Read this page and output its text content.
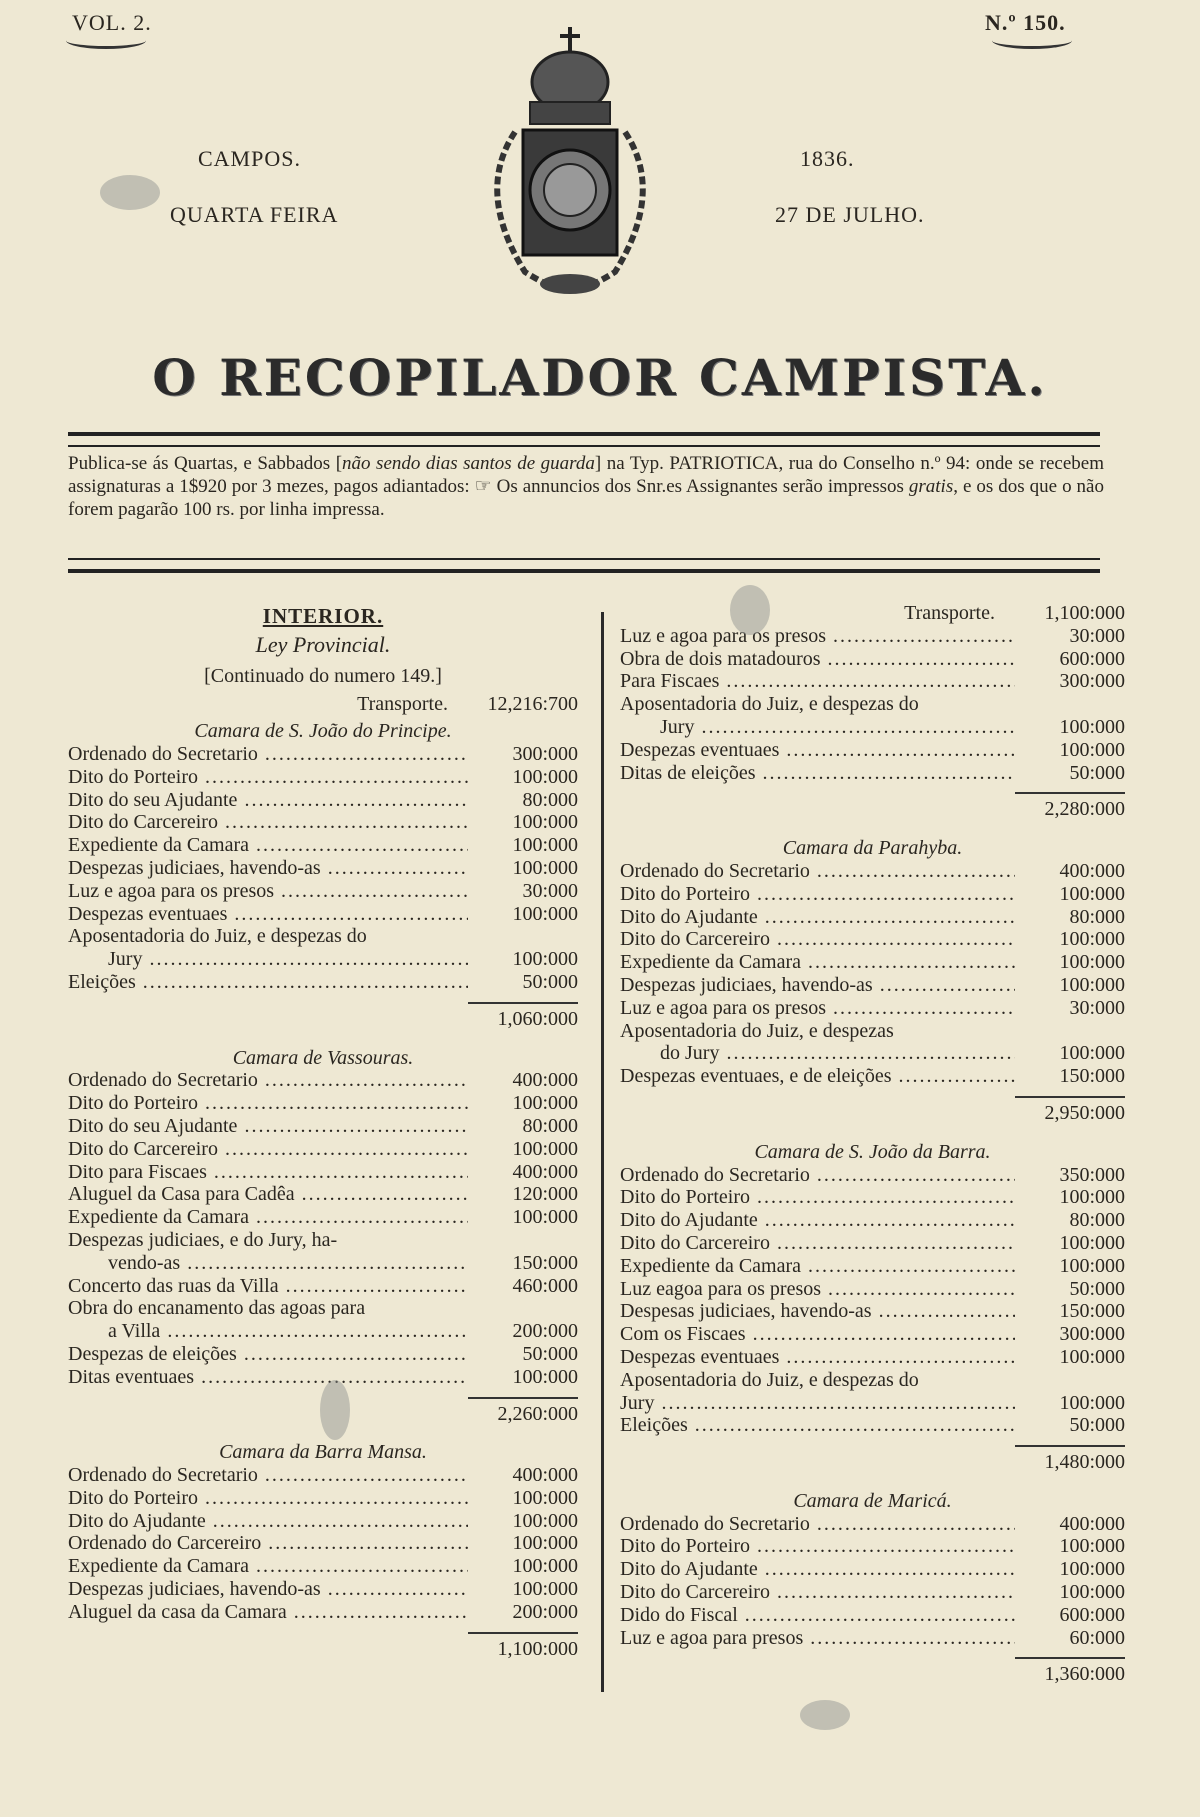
VOL. 2.	N.º 150.
CAMPOS.	1836.
QUARTA FEIRA	27 DE JULHO.
O RECOPILADOR CAMPISTA.
Publica-se ás Quartas, e Sabbados [não sendo dias santos de guarda] na Typ. PATRIOTICA, rua do Conselho n.º 94: onde se recebem assignaturas a 1$920 por 3 mezes, pagos adiantados: ☞ Os annuncios dos Snr.es Assignantes serão impressos gratis, e os dos que o não forem pagarão 100 rs. por linha impressa.
INTERIOR.
Ley Provincial.
[Continuado do numero 149.]
Transporte.	12,216:700
Camara de S. João do Principe.
Ordenado do Secretario .....	300:000
Dito do Porteiro .....	100:000
Dito do seu Ajudante .....	80:000
Dito do Carcereiro .....	100:000
Expediente da Camara .....	100:000
Despezas judiciaes, havendo-as .....	100:000
Luz e agoa para os presos .....	30:000
Despezas eventuaes .....	100:000
Aposentadoria do Juiz, e despezas do
Jury .....	100:000
Eleições .....	50:000
1,060:000
Camara de Vassouras.
Ordenado do Secretario .....	400:000
Dito do Porteiro .....	100:000
Dito do seu Ajudante .....	80:000
Dito do Carcereiro .....	100:000
Dito para Fiscaes .....	400:000
Aluguel da Casa para Cadêa .....	120:000
Expediente da Camara .....	100:000
Despezas judiciaes, e do Jury, ha-
vendo-as .....	150:000
Concerto das ruas da Villa .....	460:000
Obra do encanamento das agoas para
a Villa .....	200:000
Despezas de eleições .....	50:000
Ditas eventuaes .....	100:000
2,260:000
Camara da Barra Mansa.
Ordenado do Secretario .....	400:000
Dito do Porteiro .....	100:000
Dito do Ajudante .....	100:000
Ordenado do Carcereiro .....	100:000
Expediente da Camara .....	100:000
Despezas judiciaes, havendo-as .....	100:000
Aluguel da casa da Camara .....	200:000
1,100:000
Transporte.	1,100:000
Luz e agoa para os presos .....	30:000
Obra de dois matadouros .....	600:000
Para Fiscaes .....	300:000
Aposentadoria do Juiz, e despezas do
Jury .....	100:000
Despezas eventuaes .....	100:000
Ditas de eleições .....	50:000
2,280:000
Camara da Parahyba.
Ordenado do Secretario .....	400:000
Dito do Porteiro .....	100:000
Dito do Ajudante .....	80:000
Dito do Carcereiro .....	100:000
Expediente da Camara .....	100:000
Despezas judiciaes, havendo-as .....	100:000
Luz e agoa para os presos .....	30:000
Aposentadoria do Juiz, e despezas
do Jury .....	100:000
Despezas eventuaes, e de eleições .....	150:000
2,950:000
Camara de S. João da Barra.
Ordenado do Secretario .....	350:000
Dito do Porteiro .....	100:000
Dito do Ajudante .....	80:000
Dito do Carcereiro .....	100:000
Expediente da Camara .....	100:000
Luz eagoa para os presos .....	50:000
Despesas judiciaes, havendo-as .....	150:000
Com os Fiscaes .....	300:000
Despezas eventuaes .....	100:000
Aposentadoria do Juiz, e despezas do
Jury .....	100:000
Eleições .....	50:000
1,480:000
Camara de Maricá.
Ordenado do Secretario .....	400:000
Dito do Porteiro .....	100:000
Dito do Ajudante .....	100:000
Dito do Carcereiro .....	100:000
Dido do Fiscal .....	600:000
Luz e agoa para presos .....	60:000
1,360:000
